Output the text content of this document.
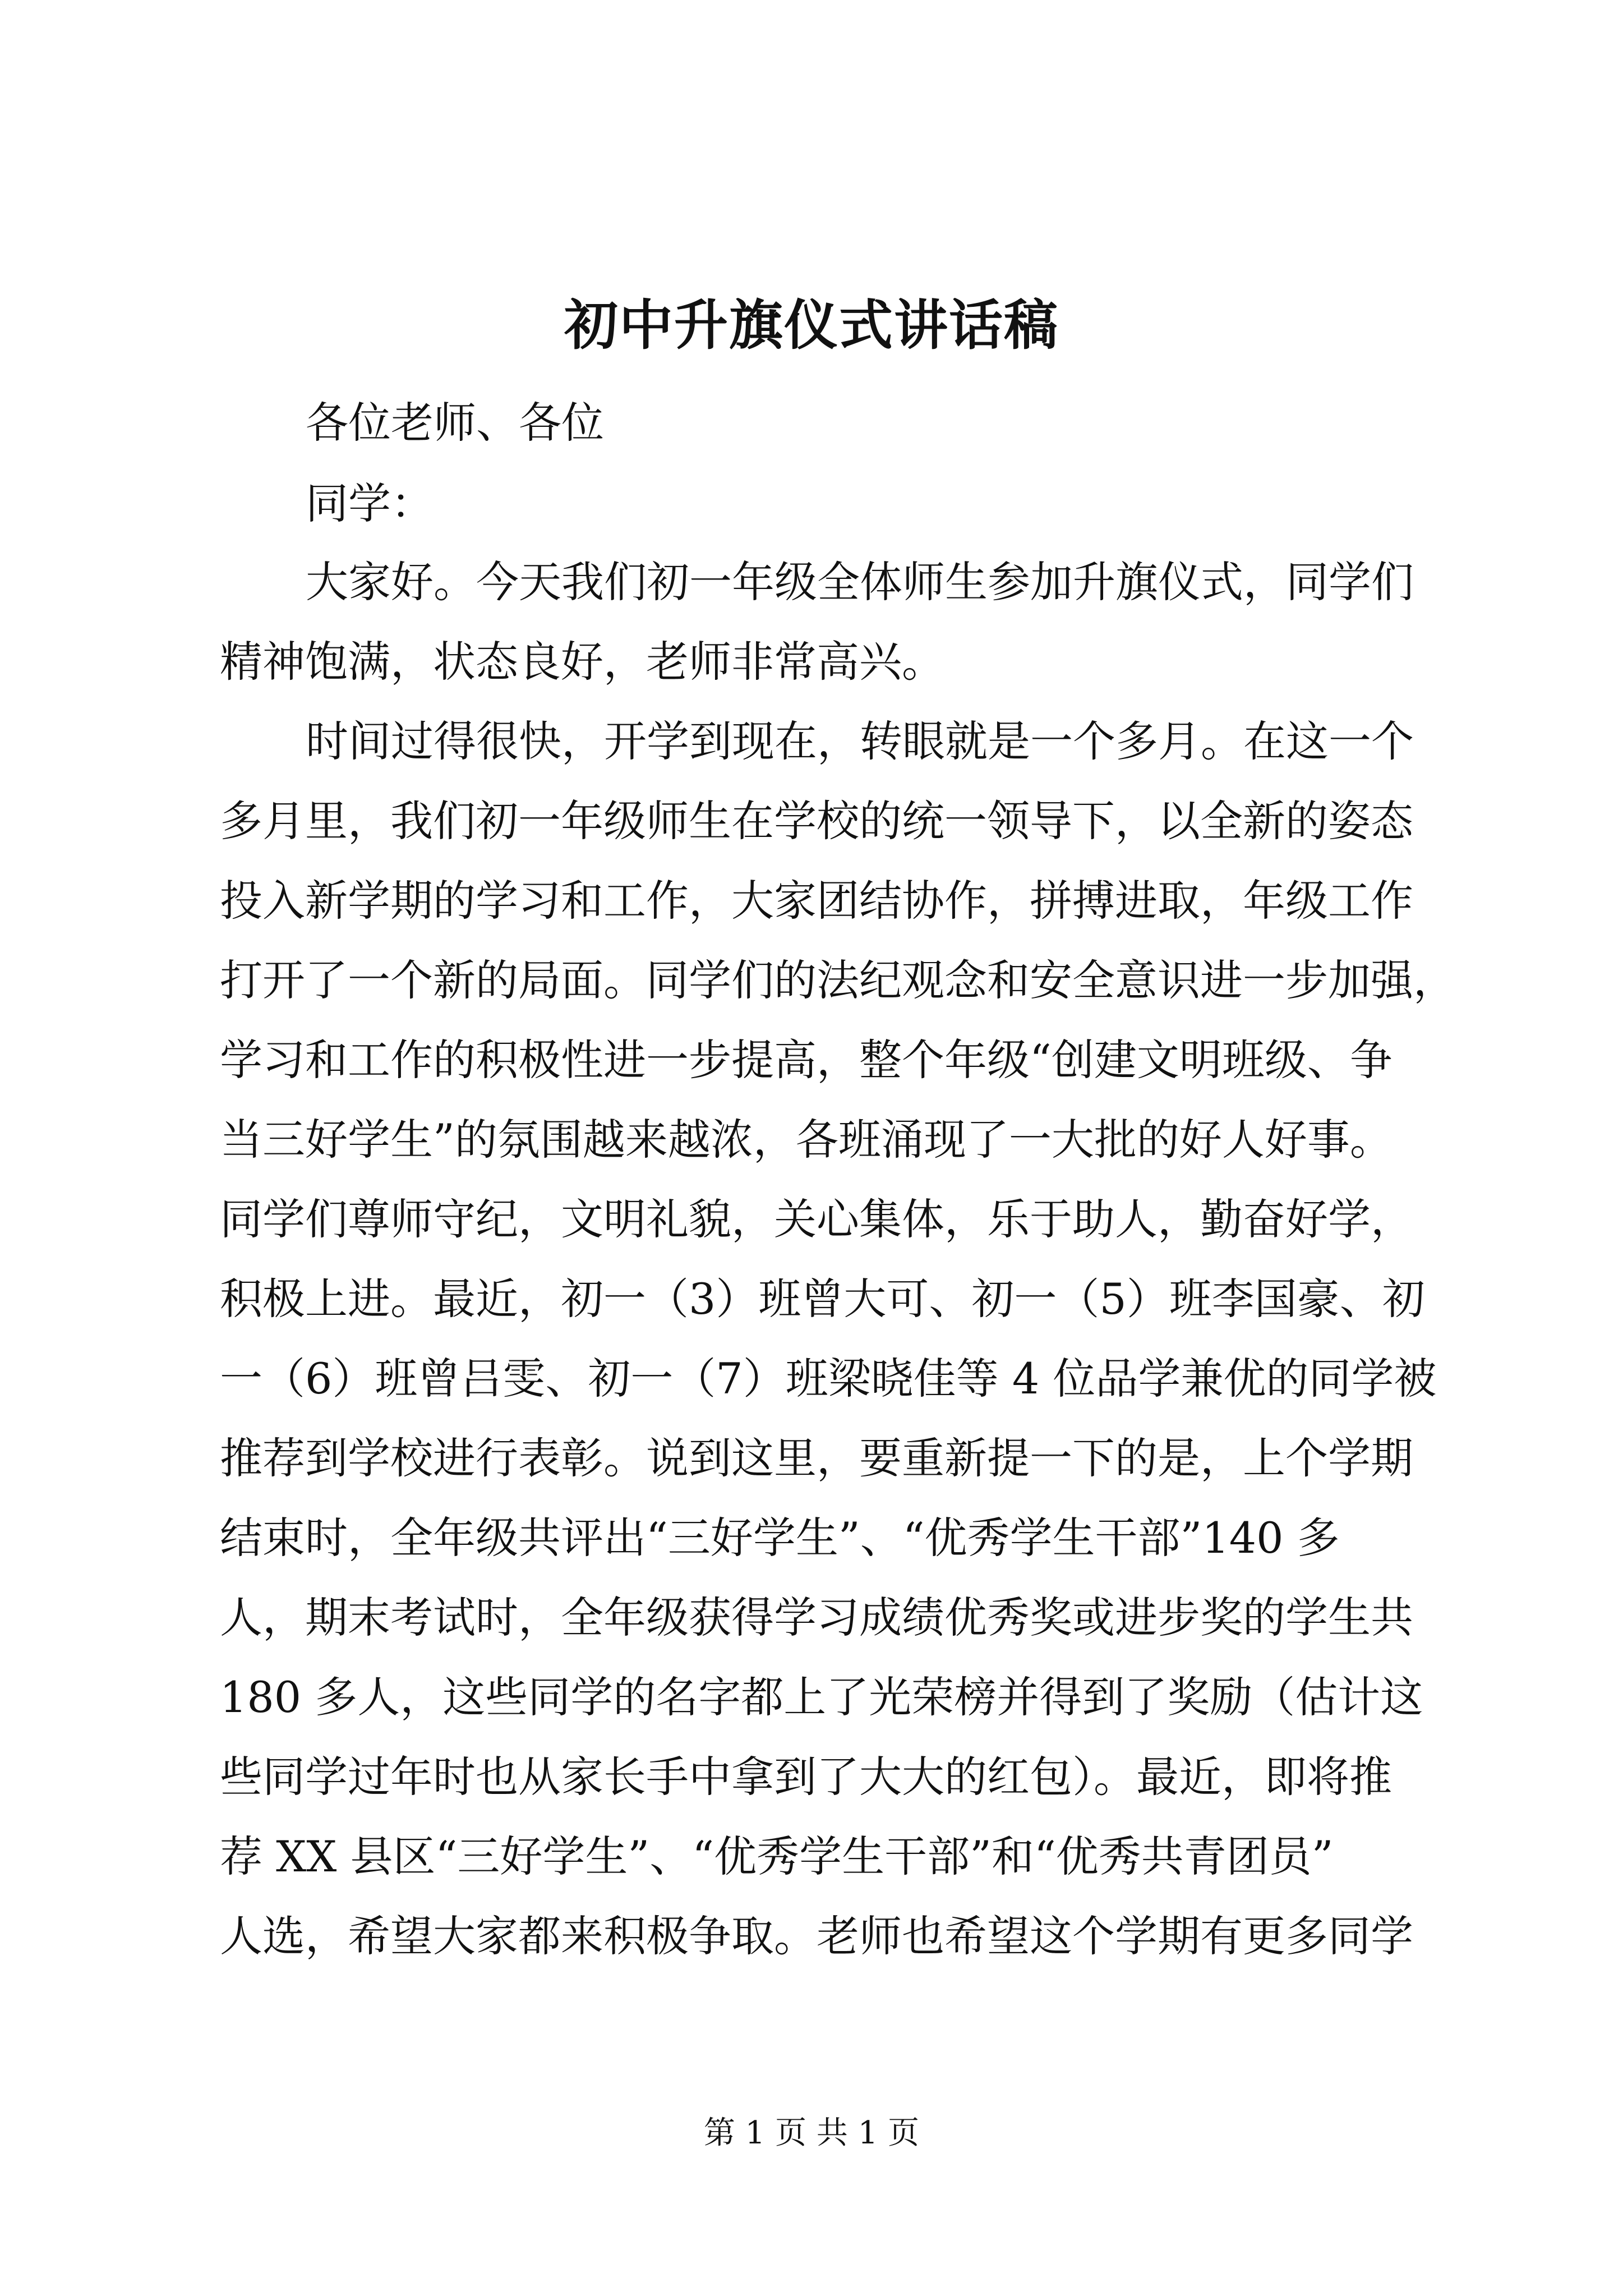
初中升旗仪式讲话稿
各位老师、各位
同学：
大家好。今天我们初一年级全体师生参加升旗仪式，同学们
精神饱满，状态良好，老师非常高兴。
时间过得很快，开学到现在，转眼就是一个多月。在这一个
多月里，我们初一年级师生在学校的统一领导下，以全新的姿态
投入新学期的学习和工作，大家团结协作，拼搏进取，年级工作
打开了一个新的局面。同学们的法纪观念和安全意识进一步加强，
学习和工作的积极性进一步提高，整个年级“创建文明班级、争
当三好学生”的氛围越来越浓，各班涌现了一大批的好人好事。
同学们尊师守纪，文明礼貌，关心集体，乐于助人，勤奋好学，
积极上进。最近，初一（3）班曾大可、初一（5）班李国豪、初
一（6）班曾吕雯、初一（7）班梁晓佳等 4 位品学兼优的同学被
推荐到学校进行表彰。说到这里，要重新提一下的是，上个学期
结束时，全年级共评出“三好学生”、“优秀学生干部”140 多
人，期末考试时，全年级获得学习成绩优秀奖或进步奖的学生共
180 多人，这些同学的名字都上了光荣榜并得到了奖励（估计这
些同学过年时也从家长手中拿到了大大的红包）。最近，即将推
荐 XX 县区“三好学生”、“优秀学生干部”和“优秀共青团员”
人选，希望大家都来积极争取。老师也希望这个学期有更多同学
第 1 页 共 1 页
